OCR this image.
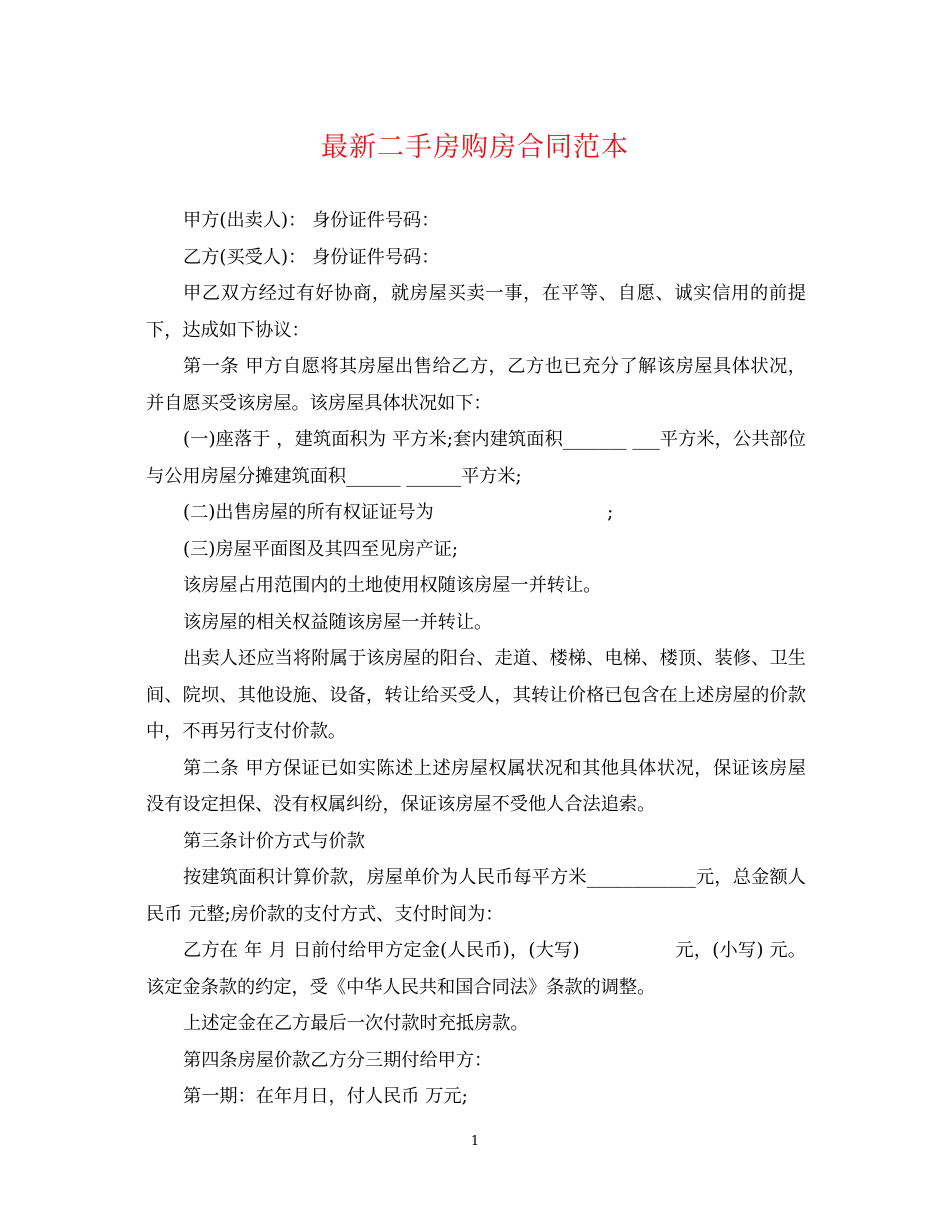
最新二手房购房合同范本

甲方(出卖人)： 身份证件号码：

乙方(买受人)： 身份证件号码：

甲乙双方经过有好协商，就房屋买卖一事，在平等、自愿、诚实信用的前提下，达成如下协议：

第一条 甲方自愿将其房屋出售给乙方，乙方也已充分了解该房屋具体状况，并自愿买受该房屋。该房屋具体状况如下：

(一)座落于 ，建筑面积为 平方米;套内建筑面积_______ ___平方米，公共部位与公用房屋分摊建筑面积______ ______平方米;

(二)出售房屋的所有权证证号为                              ;

(三)房屋平面图及其四至见房产证;

该房屋占用范围内的土地使用权随该房屋一并转让。

该房屋的相关权益随该房屋一并转让。

出卖人还应当将附属于该房屋的阳台、走道、楼梯、电梯、楼顶、装修、卫生间、院坝、其他设施、设备，转让给买受人，其转让价格已包含在上述房屋的价款中，不再另行支付价款。

第二条 甲方保证已如实陈述上述房屋权属状况和其他具体状况，保证该房屋没有设定担保、没有权属纠纷，保证该房屋不受他人合法追索。

第三条计价方式与价款

按建筑面积计算价款，房屋单价为人民币每平方米____________元，总金额人民币 元整;房价款的支付方式、支付时间为：

乙方在 年 月 日前付给甲方定金(人民币)，(大写)                元，(小写) 元。该定金条款的约定，受《中华人民共和国合同法》条款的调整。

上述定金在乙方最后一次付款时充抵房款。

第四条房屋价款乙方分三期付给甲方：

第一期：在年月日，付人民币 万元;

1
